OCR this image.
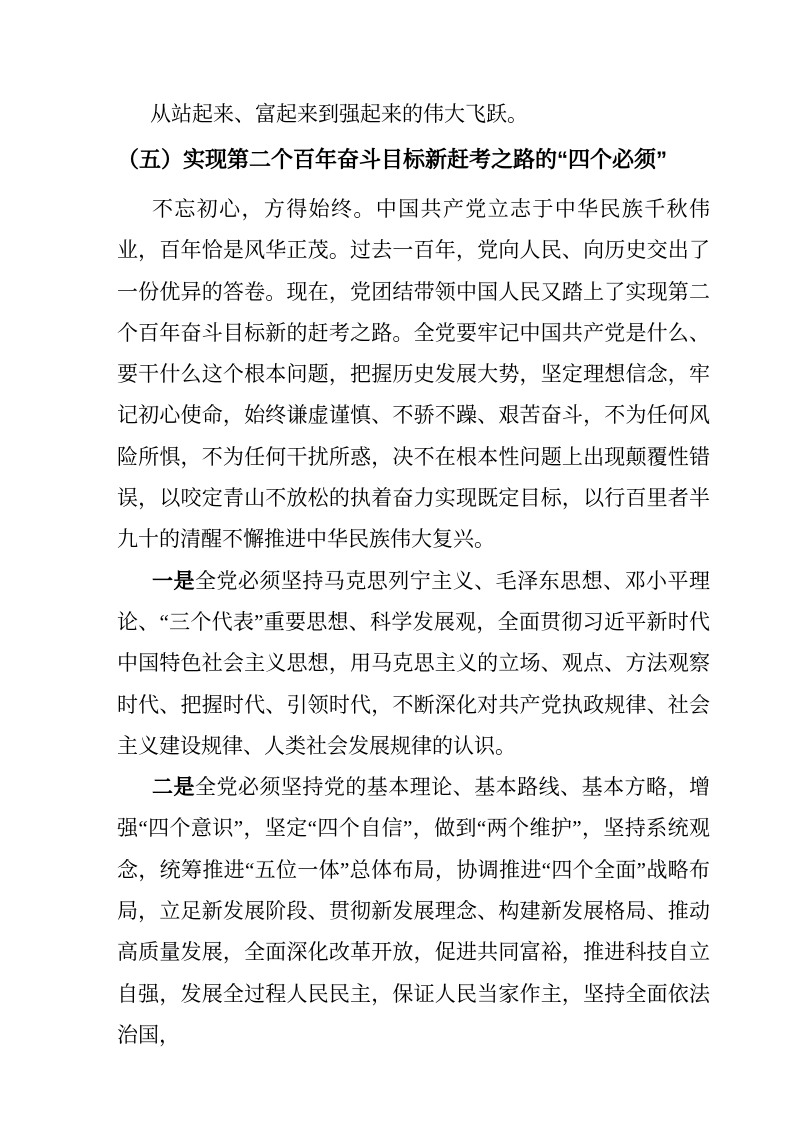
从站起来、富起来到强起来的伟大飞跃。

（五）实现第二个百年奋斗目标新赶考之路的“四个必须”

不忘初心，方得始终。中国共产党立志于中华民族千秋伟业，百年恰是风华正茂。过去一百年，党向人民、向历史交出了一份优异的答卷。现在，党团结带领中国人民又踏上了实现第二个百年奋斗目标新的赶考之路。全党要牢记中国共产党是什么、要干什么这个根本问题，把握历史发展大势，坚定理想信念，牢记初心使命，始终谦虚谨慎、不骄不躁、艰苦奋斗，不为任何风险所惧，不为任何干扰所惑，决不在根本性问题上出现颠覆性错误，以咬定青山不放松的执着奋力实现既定目标，以行百里者半九十的清醒不懈推进中华民族伟大复兴。

一是全党必须坚持马克思列宁主义、毛泽东思想、邓小平理论、“三个代表”重要思想、科学发展观，全面贯彻习近平新时代中国特色社会主义思想，用马克思主义的立场、观点、方法观察时代、把握时代、引领时代，不断深化对共产党执政规律、社会主义建设规律、人类社会发展规律的认识。

二是全党必须坚持党的基本理论、基本路线、基本方略，增强“四个意识”，坚定“四个自信”，做到“两个维护”，坚持系统观念，统筹推进“五位一体”总体布局，协调推进“四个全面”战略布局，立足新发展阶段、贯彻新发展理念、构建新发展格局、推动高质量发展，全面深化改革开放，促进共同富裕，推进科技自立自强，发展全过程人民民主，保证人民当家作主，坚持全面依法治国，
